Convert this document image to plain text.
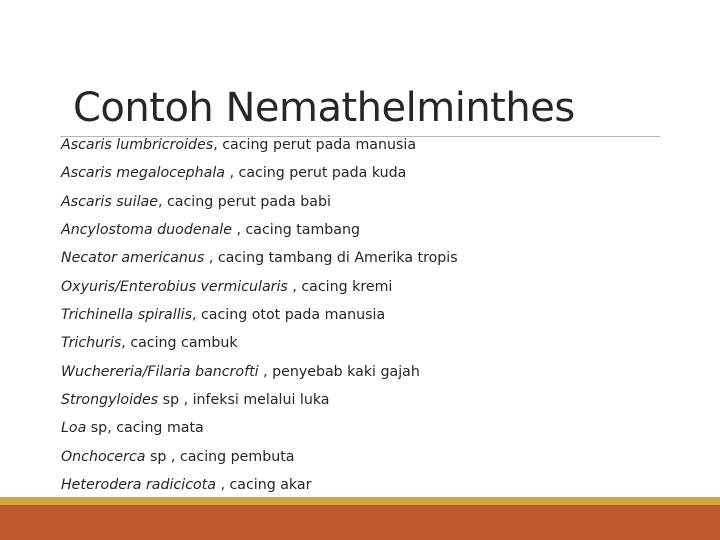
Contoh Nemathelminthes
Ascaris lumbricroides, cacing perut pada manusia
Ascaris megalocephala , cacing perut pada kuda
Ascaris suilae, cacing perut pada babi
Ancylostoma duodenale , cacing tambang
Necator americanus , cacing tambang di Amerika tropis
Oxyuris/Enterobius vermicularis , cacing kremi
Trichinella spirallis, cacing otot pada manusia
Trichuris, cacing cambuk
Wuchereria/Filaria bancrofti , penyebab kaki gajah
Strongyloides sp , infeksi melalui luka
Loa sp, cacing mata
Onchocerca sp , cacing pembuta
Heterodera radicicota , cacing akar
